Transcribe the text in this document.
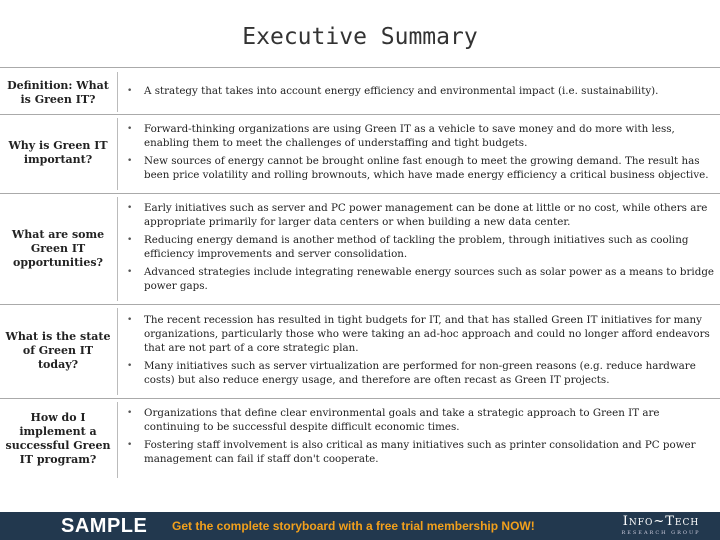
Executive Summary
Definition: What is Green IT?
• A strategy that takes into account energy efficiency and environmental impact (i.e. sustainability).
Why is Green IT important?
• Forward-thinking organizations are using Green IT as a vehicle to save money and do more with less, enabling them to meet the challenges of understaffing and tight budgets.
• New sources of energy cannot be brought online fast enough to meet the growing demand. The result has been price volatility and rolling brownouts, which have made energy efficiency a critical business objective.
What are some Green IT opportunities?
• Early initiatives such as server and PC power management can be done at little or no cost, while others are appropriate primarily for larger data centers or when building a new data center.
• Reducing energy demand is another method of tackling the problem, through initiatives such as cooling efficiency improvements and server consolidation.
• Advanced strategies include integrating renewable energy sources such as solar power as a means to bridge power gaps.
What is the state of Green IT today?
• The recent recession has resulted in tight budgets for IT, and that has stalled Green IT initiatives for many organizations, particularly those who were taking an ad-hoc approach and could no longer afford endeavors that are not part of a core strategic plan.
• Many initiatives such as server virtualization are performed for non-green reasons (e.g. reduce hardware costs) but also reduce energy usage, and therefore are often recast as Green IT projects.
How do I implement a successful Green IT program?
• Organizations that define clear environmental goals and take a strategic approach to Green IT are continuing to be successful despite difficult economic times.
• Fostering staff involvement is also critical as many initiatives such as printer consolidation and PC power management can fail if staff don't cooperate.
SAMPLE Get the complete storyboard with a free trial membership NOW!	Info~Tech
RESEARCH GROUP
